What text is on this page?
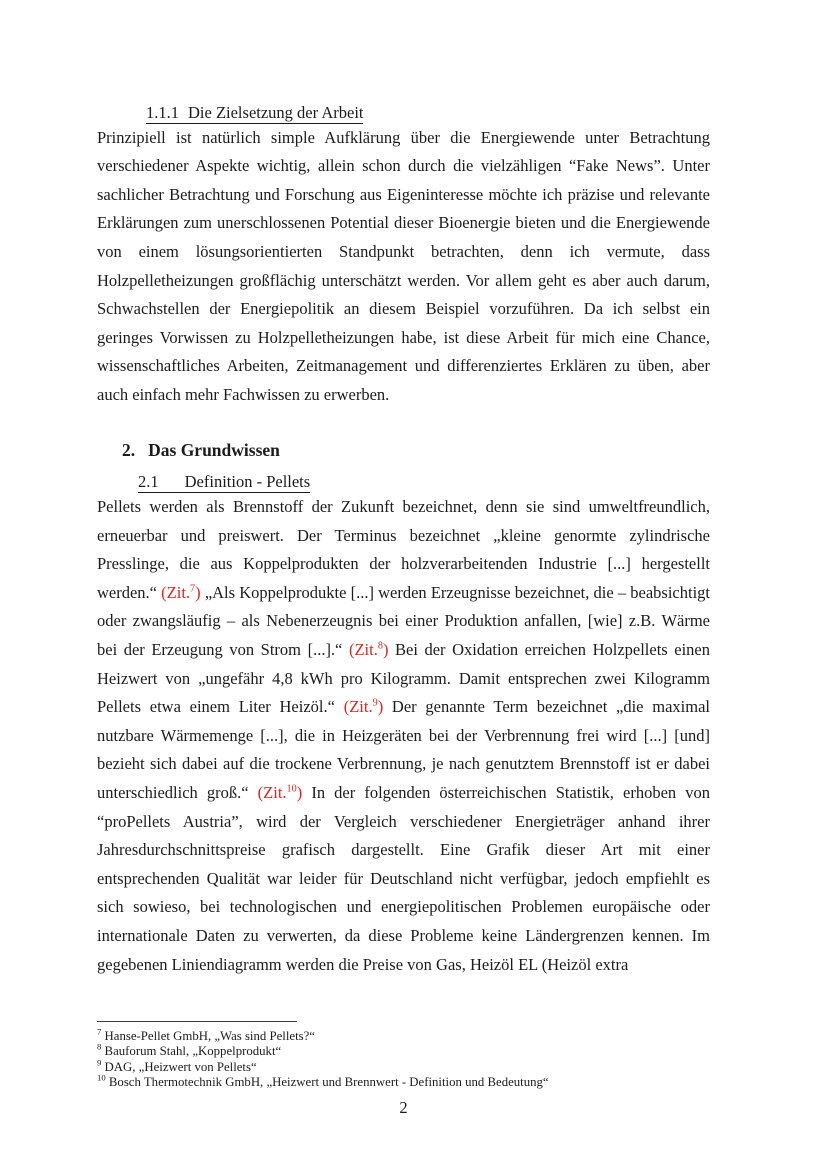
1.1.1 Die Zielsetzung der Arbeit

Prinzipiell ist natürlich simple Aufklärung über die Energiewende unter Betrachtung verschiedener Aspekte wichtig, allein schon durch die vielzähligen “Fake News”. Unter sachlicher Betrachtung und Forschung aus Eigeninteresse möchte ich präzise und relevante Erklärungen zum unerschlossenen Potential dieser Bioenergie bieten und die Energiewende von einem lösungsorientierten Standpunkt betrachten, denn ich vermute, dass Holzpelletheizungen großflächig unterschätzt werden. Vor allem geht es aber auch darum, Schwachstellen der Energiepolitik an diesem Beispiel vorzuführen. Da ich selbst ein geringes Vorwissen zu Holzpelletheizungen habe, ist diese Arbeit für mich eine Chance, wissenschaftliches Arbeiten, Zeitmanagement und differenziertes Erklären zu üben, aber auch einfach mehr Fachwissen zu erwerben.

2. Das Grundwissen
2.1 Definition - Pellets

Pellets werden als Brennstoff der Zukunft bezeichnet, denn sie sind umweltfreundlich, erneuerbar und preiswert. Der Terminus bezeichnet „kleine genormte zylindrische Presslinge, die aus Koppelprodukten der holzverarbeitenden Industrie [...] hergestellt werden.“ (Zit.$^7$) „Als Koppelprodukte [...] werden Erzeugnisse bezeichnet, die – beabsichtigt oder zwangsläufig – als Nebenerzeugnis bei einer Produktion anfallen, [wie] z.B. Wärme bei der Erzeugung von Strom [...].“ (Zit.$^8$) Bei der Oxidation erreichen Holzpellets einen Heizwert von „ungefähr 4,8 kWh pro Kilogramm. Damit entsprechen zwei Kilogramm Pellets etwa einem Liter Heizöl.“ (Zit.$^9$) Der genannte Term bezeichnet „die maximal nutzbare Wärmemenge [...], die in Heizgeräten bei der Verbrennung frei wird [...] [und] bezieht sich dabei auf die trockene Verbrennung, je nach genutztem Brennstoff ist er dabei unterschiedlich groß.“ (Zit.$^{10}$) In der folgenden österreichischen Statistik, erhoben von “proPellets Austria”, wird der Vergleich verschiedener Energieträger anhand ihrer Jahresdurchschnittspreise grafisch dargestellt. Eine Grafik dieser Art mit einer entsprechenden Qualität war leider für Deutschland nicht verfügbar, jedoch empfiehlt es sich sowieso, bei technologischen und energiepolitischen Problemen europäische oder internationale Daten zu verwerten, da diese Probleme keine Ländergrenzen kennen. Im gegebenen Liniendiagramm werden die Preise von Gas, Heizöl EL (Heizöl extra

$^7$ Hanse-Pellet GmbH, „Was sind Pellets?“
$^8$ Bauforum Stahl, „Koppelprodukt“
$^9$ DAG, „Heizwert von Pellets“
$^{10}$ Bosch Thermotechnik GmbH, „Heizwert und Brennwert - Definition und Bedeutung“
2
